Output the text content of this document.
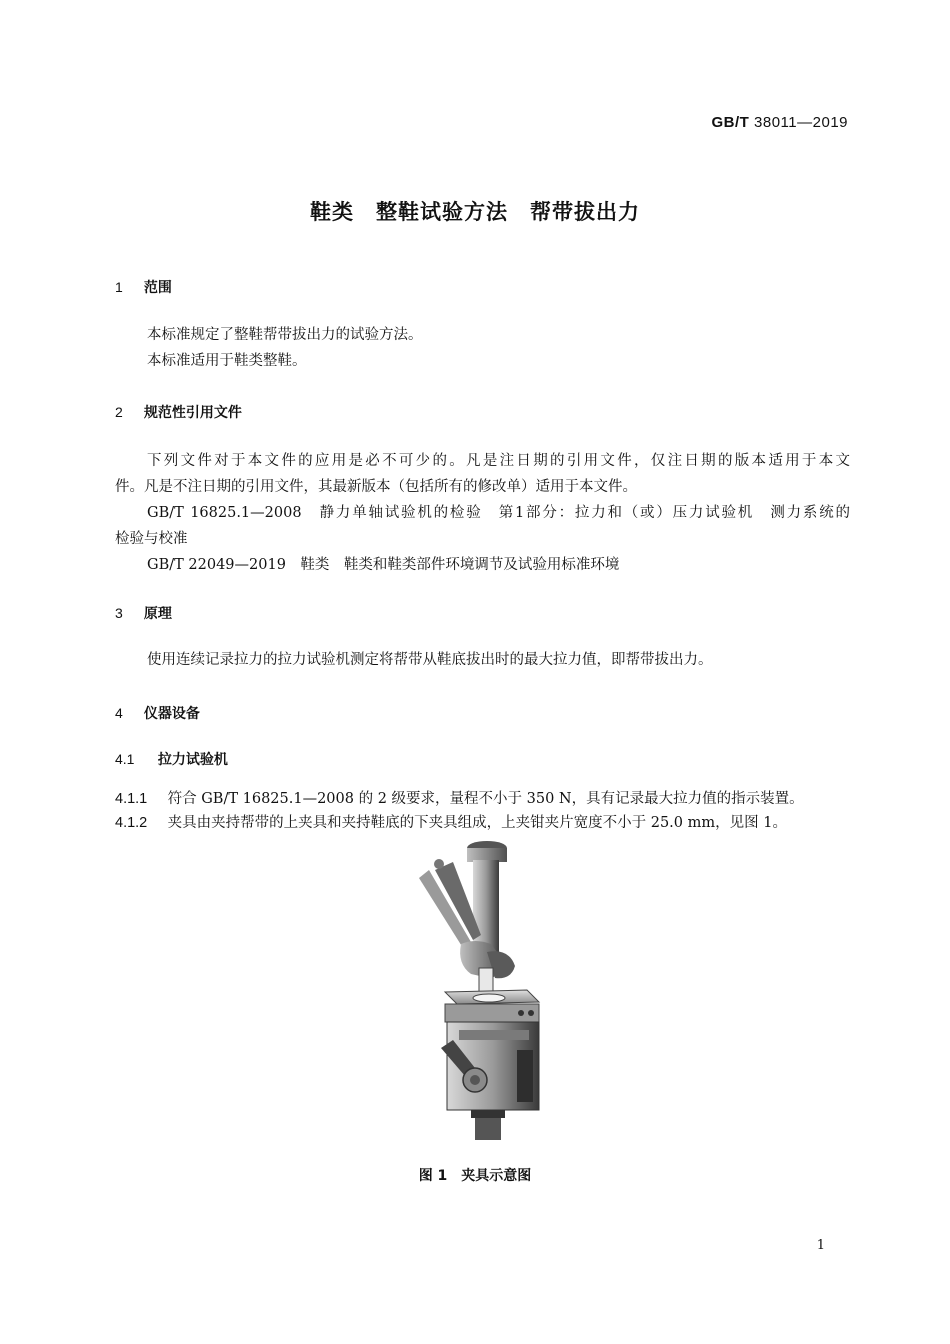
GB/T 38011—2019
鞋类　整鞋试验方法　帮带拔出力
1 范围
本标准规定了整鞋帮带拔出力的试验方法。
本标准适用于鞋类整鞋。
2 规范性引用文件
下列文件对于本文件的应用是必不可少的。凡是注日期的引用文件，仅注日期的版本适用于本文
件。凡是不注日期的引用文件，其最新版本（包括所有的修改单）适用于本文件。
GB/T 16825.1—2008　静力单轴试验机的检验　第1部分：拉力和（或）压力试验机　测力系统的
检验与校准
GB/T 22049—2019　鞋类　鞋类和鞋类部件环境调节及试验用标准环境
3 原理
使用连续记录拉力的拉力试验机测定将帮带从鞋底拔出时的最大拉力值，即帮带拔出力。
4 仪器设备
4.1 拉力试验机
4.1.1 符合 GB/T 16825.1—2008 的 2 级要求，量程不小于 350 N，具有记录最大拉力值的指示装置。
4.1.2 夹具由夹持帮带的上夹具和夹持鞋底的下夹具组成，上夹钳夹片宽度不小于 25.0 mm，见图 1。
图 1　夹具示意图
1
